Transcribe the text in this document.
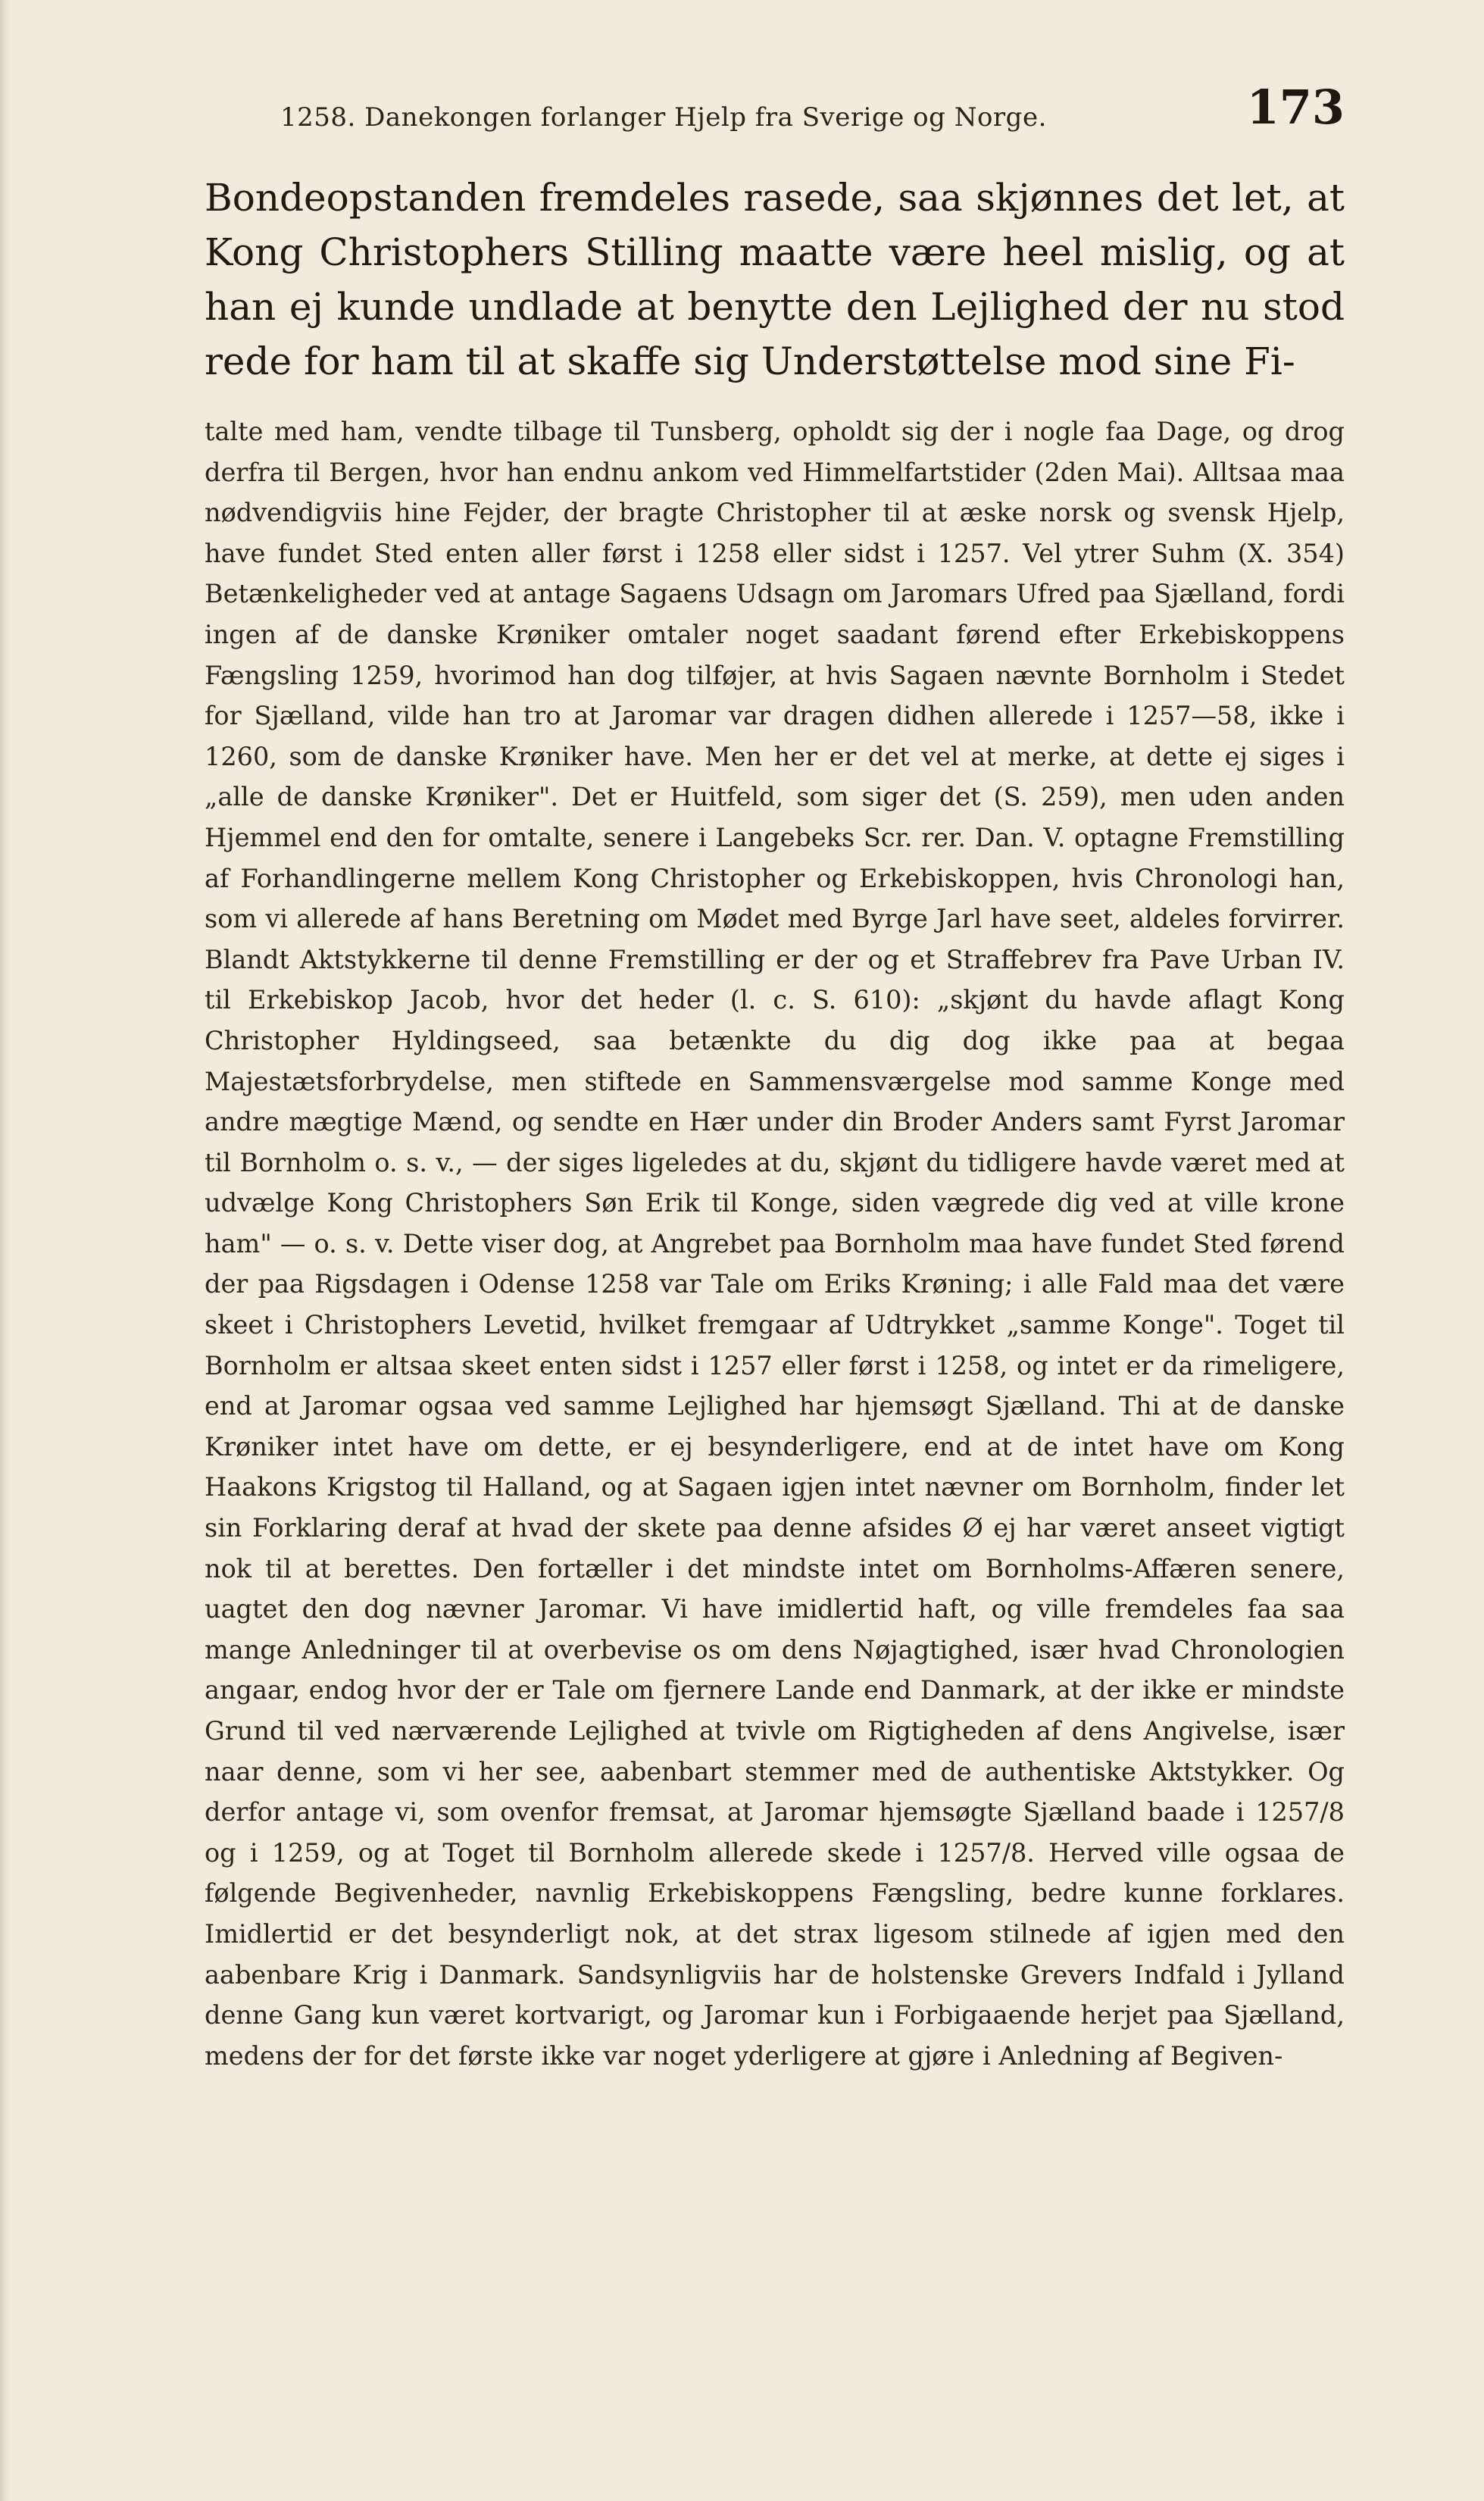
1258. Danekongen forlanger Hjelp fra Sverige og Norge.	173
Bondeopstanden fremdeles rasede, saa skjønnes det let, at Kong Christophers Stilling maatte være heel mislig, og at han ej kunde undlade at benytte den Lejlighed der nu stod rede for ham til at skaffe sig Understøttelse mod sine Fi-
talte med ham, vendte tilbage til Tunsberg, opholdt sig der i nogle faa Dage, og drog derfra til Bergen, hvor han endnu ankom ved Himmelfartstider (2den Mai). Alltsaa maa nødvendigviis hine Fejder, der bragte Christopher til at æske norsk og svensk Hjelp, have fundet Sted enten aller først i 1258 eller sidst i 1257. Vel ytrer Suhm (X. 354) Betænkeligheder ved at antage Sagaens Udsagn om Jaromars Ufred paa Sjælland, fordi ingen af de danske Krøniker omtaler noget saadant førend efter Erkebiskoppens Fængsling 1259, hvorimod han dog tilføjer, at hvis Sagaen nævnte Bornholm i Stedet for Sjælland, vilde han tro at Jaromar var dragen didhen allerede i 1257—58, ikke i 1260, som de danske Krøniker have. Men her er det vel at merke, at dette ej siges i „alle de danske Krøniker". Det er Huitfeld, som siger det (S. 259), men uden anden Hjemmel end den for omtalte, senere i Langebeks Scr. rer. Dan. V. optagne Fremstilling af Forhandlingerne mellem Kong Christopher og Erkebiskoppen, hvis Chronologi han, som vi allerede af hans Beretning om Mødet med Byrge Jarl have seet, aldeles forvirrer. Blandt Aktstykkerne til denne Fremstilling er der og et Straffebrev fra Pave Urban IV. til Erkebiskop Jacob, hvor det heder (l. c. S. 610): „skjønt du havde aflagt Kong Christopher Hyldingseed, saa betænkte du dig dog ikke paa at begaa Majestætsforbrydelse, men stiftede en Sammensværgelse mod samme Konge med andre mægtige Mænd, og sendte en Hær under din Broder Anders samt Fyrst Jaromar til Bornholm o. s. v., — der siges ligeledes at du, skjønt du tidligere havde været med at udvælge Kong Christophers Søn Erik til Konge, siden vægrede dig ved at ville krone ham" — o. s. v. Dette viser dog, at Angrebet paa Bornholm maa have fundet Sted førend der paa Rigsdagen i Odense 1258 var Tale om Eriks Krøning; i alle Fald maa det være skeet i Christophers Levetid, hvilket fremgaar af Udtrykket „samme Konge". Toget til Bornholm er altsaa skeet enten sidst i 1257 eller først i 1258, og intet er da rimeligere, end at Jaromar ogsaa ved samme Lejlighed har hjemsøgt Sjælland. Thi at de danske Krøniker intet have om dette, er ej besynderligere, end at de intet have om Kong Haakons Krigstog til Halland, og at Sagaen igjen intet nævner om Bornholm, finder let sin Forklaring deraf at hvad der skete paa denne afsides Ø ej har været anseet vigtigt nok til at berettes. Den fortæller i det mindste intet om Bornholms-Affæren senere, uagtet den dog nævner Jaromar. Vi have imidlertid haft, og ville fremdeles faa saa mange Anledninger til at overbevise os om dens Nøjagtighed, især hvad Chronologien angaar, endog hvor der er Tale om fjernere Lande end Danmark, at der ikke er mindste Grund til ved nærværende Lejlighed at tvivle om Rigtigheden af dens Angivelse, især naar denne, som vi her see, aabenbart stemmer med de authentiske Aktstykker. Og derfor antage vi, som ovenfor fremsat, at Jaromar hjemsøgte Sjælland baade i 1257/8 og i 1259, og at Toget til Bornholm allerede skede i 1257/8. Herved ville ogsaa de følgende Begivenheder, navnlig Erkebiskoppens Fængsling, bedre kunne forklares. Imidlertid er det besynderligt nok, at det strax ligesom stilnede af igjen med den aabenbare Krig i Danmark. Sandsynligviis har de holstenske Grevers Indfald i Jylland denne Gang kun været kortvarigt, og Jaromar kun i Forbigaaende herjet paa Sjælland, medens der for det første ikke var noget yderligere at gjøre i Anledning af Begiven-
